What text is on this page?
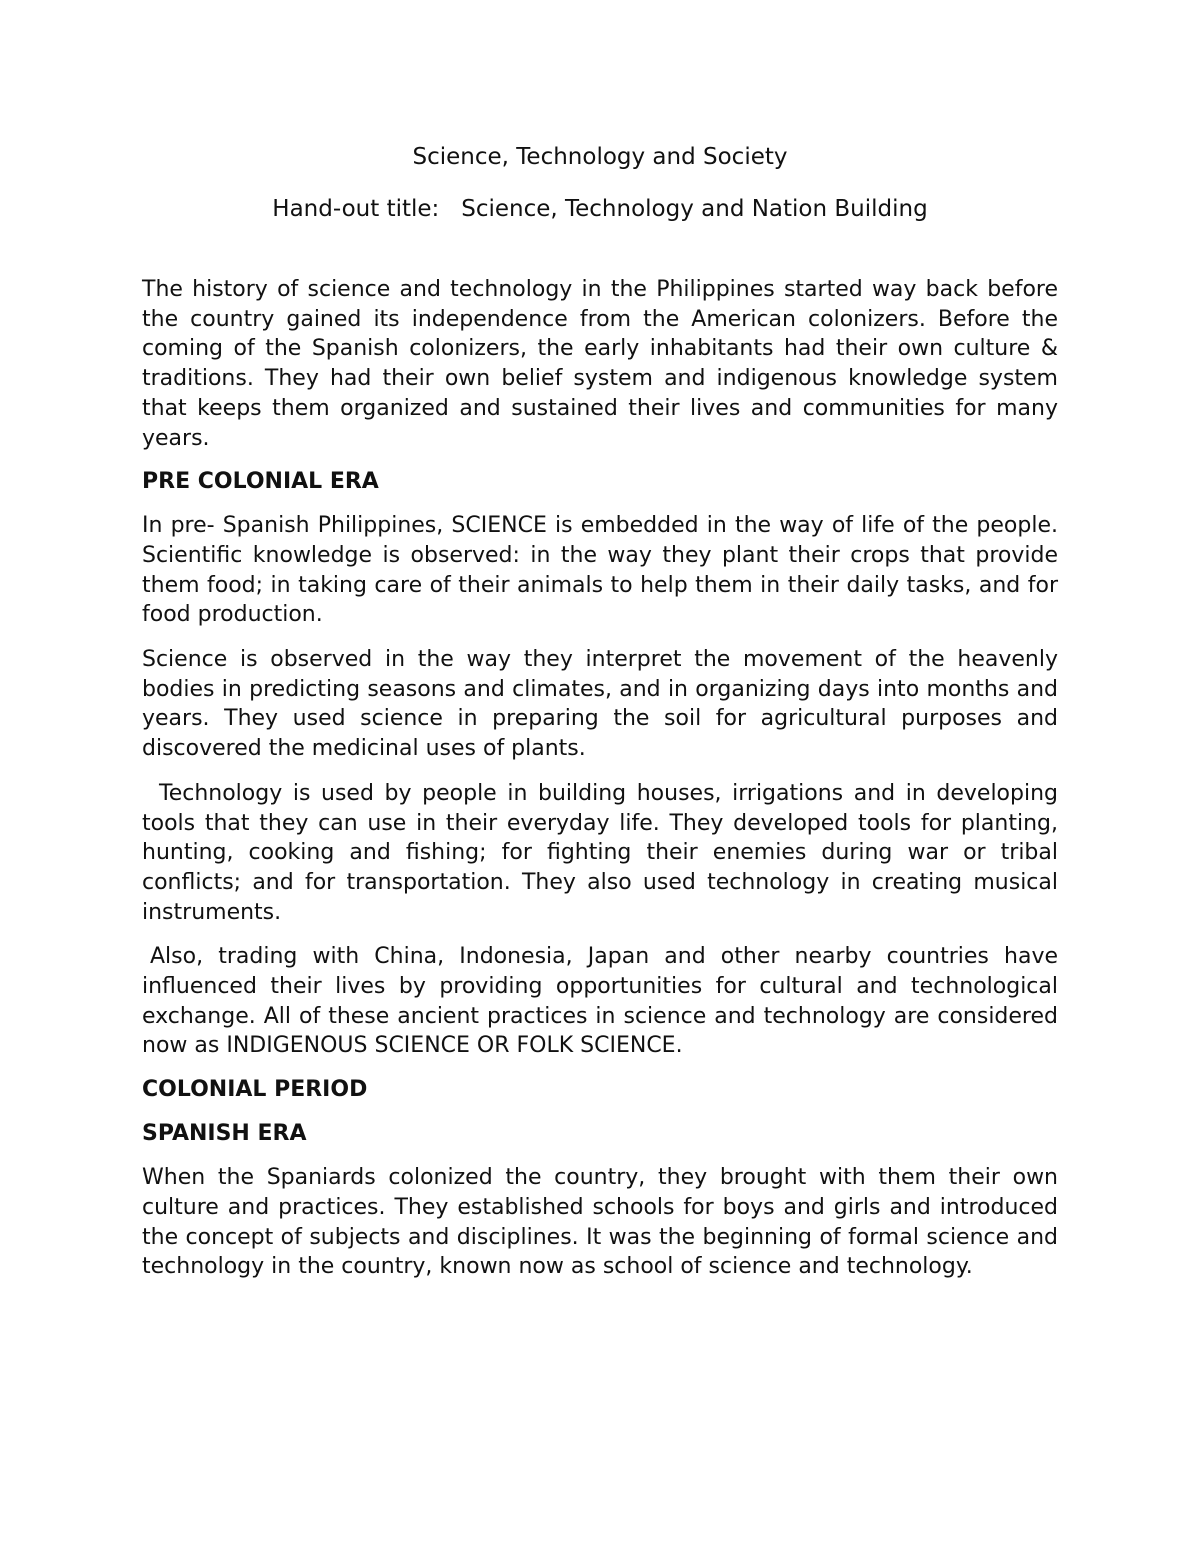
Science, Technology and Society
Hand-out title:   Science, Technology and Nation Building

The history of science and technology in the Philippines started way back before the country gained its independence from the American colonizers. Before the coming of the Spanish colonizers, the early inhabitants had their own culture & traditions. They had their own belief system and indigenous knowledge system that keeps them organized and sustained their lives and communities for many years.

PRE COLONIAL ERA

In pre- Spanish Philippines, SCIENCE is embedded in the way of life of the people. Scientific knowledge is observed: in the way they plant their crops that provide them food; in taking care of their animals to help them in their daily tasks, and for food production.

Science is observed in the way they interpret the movement of the heavenly bodies in predicting seasons and climates, and in organizing days into months and years. They used science in preparing the soil for agricultural purposes and discovered the medicinal uses of plants.

Technology is used by people in building houses, irrigations and in developing tools that they can use in their everyday life. They developed tools for planting, hunting, cooking and fishing; for fighting their enemies during war or tribal conflicts; and for transportation. They also used technology in creating musical instruments.

Also, trading with China, Indonesia, Japan and other nearby countries have influenced their lives by providing opportunities for cultural and technological exchange. All of these ancient practices in science and technology are considered now as INDIGENOUS SCIENCE OR FOLK SCIENCE.

COLONIAL PERIOD
SPANISH ERA

When the Spaniards colonized the country, they brought with them their own culture and practices. They established schools for boys and girls and introduced the concept of subjects and disciplines. It was the beginning of formal science and technology in the country, known now as school of science and technology.
